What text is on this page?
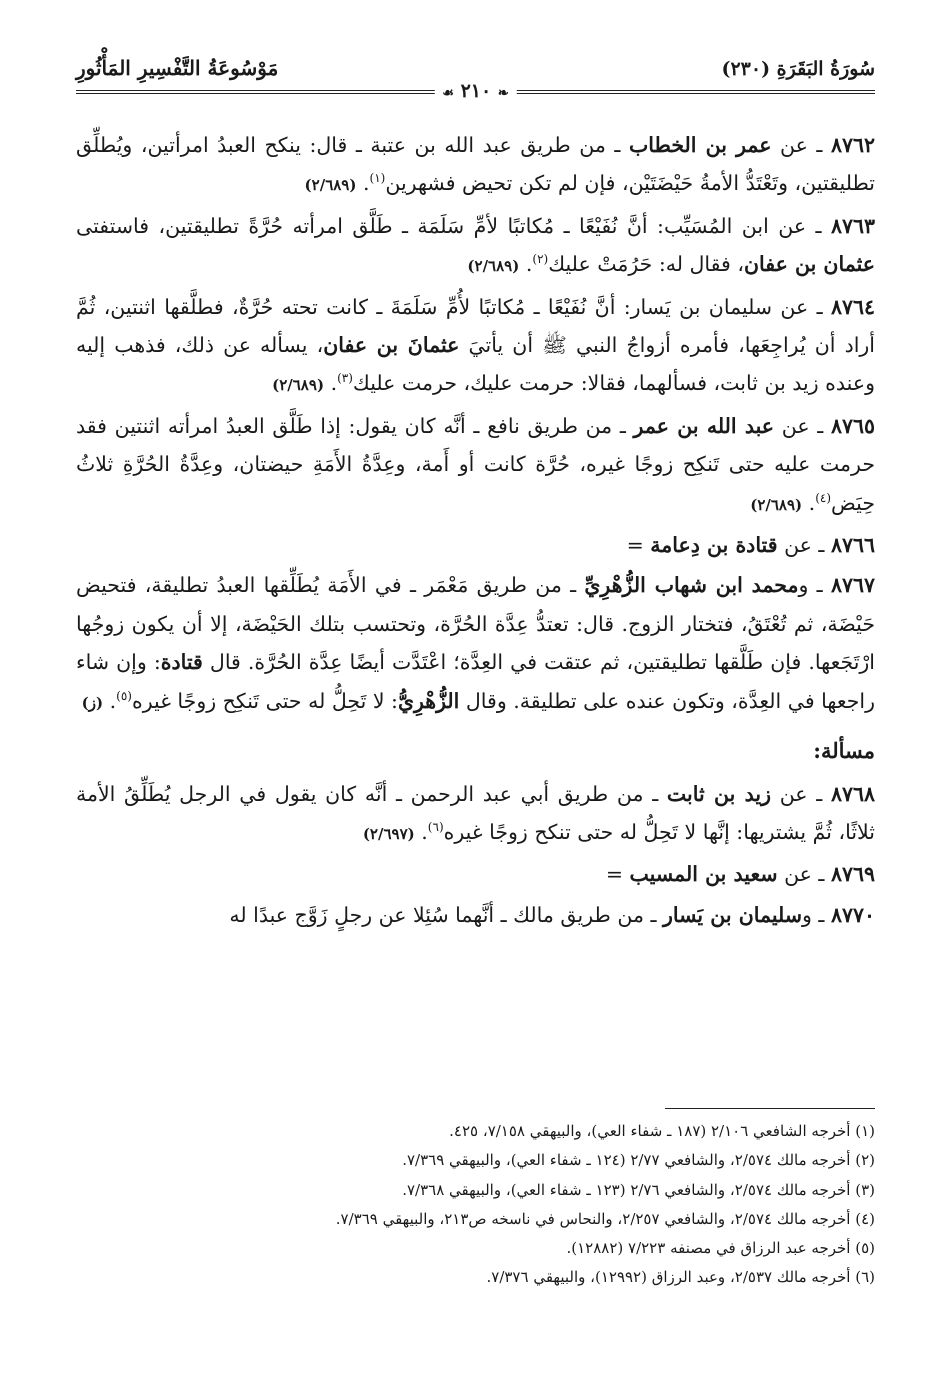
سُورَةُ البَقَرَةِ (٢٣٠)
مَوْسُوعَةُ التَّفْسِيرِ المَأْثُورِ
❧ ٢١٠ ☙
٨٧٦٢ ـ عن عمر بن الخطاب ـ من طريق عبد الله بن عتبة ـ قال: ينكح العبدُ امرأتين، ويُطلِّق تطليقتين، وتَعْتَدُّ الأمةُ حَيْضَتَيْن، فإن لم تكن تحيض فشهرين$^{(١)}$. (٢/٦٨٩)
٨٧٦٣ ـ عن ابن المُسَيِّب: أنَّ نُفَيْعًا ـ مُكاتبًا لأمِّ سَلَمَة ـ طَلَّق امرأته حُرَّةً تطليقتين، فاستفتى عثمان بن عفان، فقال له: حَرُمَتْ عليك$^{(٢)}$. (٢/٦٨٩)
٨٧٦٤ ـ عن سليمان بن يَسار: أنَّ نُفَيْعًا ـ مُكاتبًا لأُمِّ سَلَمَةَ ـ كانت تحته حُرَّةٌ، فطلَّقها اثنتين، ثُمَّ أراد أن يُراجِعَها، فأمره أزواجُ النبي ﷺ أن يأتيَ عثمانَ بن عفان، يسأله عن ذلك، فذهب إليه وعنده زيد بن ثابت، فسألهما، فقالا: حرمت عليك، حرمت عليك$^{(٣)}$. (٢/٦٨٩)
٨٧٦٥ ـ عن عبد الله بن عمر ـ من طريق نافع ـ أنَّه كان يقول: إذا طَلَّق العبدُ امرأته اثنتين فقد حرمت عليه حتى تَنكِح زوجًا غيره، حُرَّة كانت أو أَمة، وعِدَّةُ الأَمَةِ حيضتان، وعِدَّةُ الحُرَّةِ ثلاثُ حِيَض$^{(٤)}$. (٢/٦٨٩)
٨٧٦٦ ـ عن قتادة بن دِعامة =
٨٧٦٧ ـ ومحمد ابن شهاب الزُّهْرِيِّ ـ من طريق مَعْمَر ـ في الأَمَة يُطَلِّقها العبدُ تطليقة، فتحيض حَيْضَة، ثم تُعْتَقُ، فتختار الزوج. قال: تعتدُّ عِدَّة الحُرَّة، وتحتسب بتلك الحَيْضَة، إلا أن يكون زوجُها ارْتَجَعها. فإن طَلَّقها تطليقتين، ثم عتقت في العِدَّة؛ اعْتَدَّت أيضًا عِدَّة الحُرَّة. قال قتادة: وإن شاء راجعها في العِدَّة، وتكون عنده على تطليقة. وقال الزُّهْرِيُّ: لا تَحِلُّ له حتى تَنكِح زوجًا غيره$^{(٥)}$. (ز)
مسألة:
٨٧٦٨ ـ عن زيد بن ثابت ـ من طريق أبي عبد الرحمن ـ أنَّه كان يقول في الرجل يُطَلِّقُ الأمة ثلاثًا، ثُمَّ يشتريها: إنَّها لا تَحِلُّ له حتى تنكح زوجًا غيره$^{(٦)}$. (٢/٦٩٧)
٨٧٦٩ ـ عن سعيد بن المسيب =
٨٧٧٠ ـ وسليمان بن يَسار ـ من طريق مالك ـ أنَّهما سُئِلا عن رجلٍ زَوَّج عبدًا له
(١) أخرجه الشافعي ٢/١٠٦ (١٨٧ ـ شفاء العي)، والبيهقي ٧/١٥٨، ٤٢٥.
(٢) أخرجه مالك ٢/٥٧٤، والشافعي ٢/٧٧ (١٢٤ ـ شفاء العي)، والبيهقي ٧/٣٦٩.
(٣) أخرجه مالك ٢/٥٧٤، والشافعي ٢/٧٦ (١٢٣ ـ شفاء العي)، والبيهقي ٧/٣٦٨.
(٤) أخرجه مالك ٢/٥٧٤، والشافعي ٢/٢٥٧، والنحاس في ناسخه ص٢١٣، والبيهقي ٧/٣٦٩.
(٥) أخرجه عبد الرزاق في مصنفه ٧/٢٢٣ (١٢٨٨٢).
(٦) أخرجه مالك ٢/٥٣٧، وعبد الرزاق (١٢٩٩٢)، والبيهقي ٧/٣٧٦.
